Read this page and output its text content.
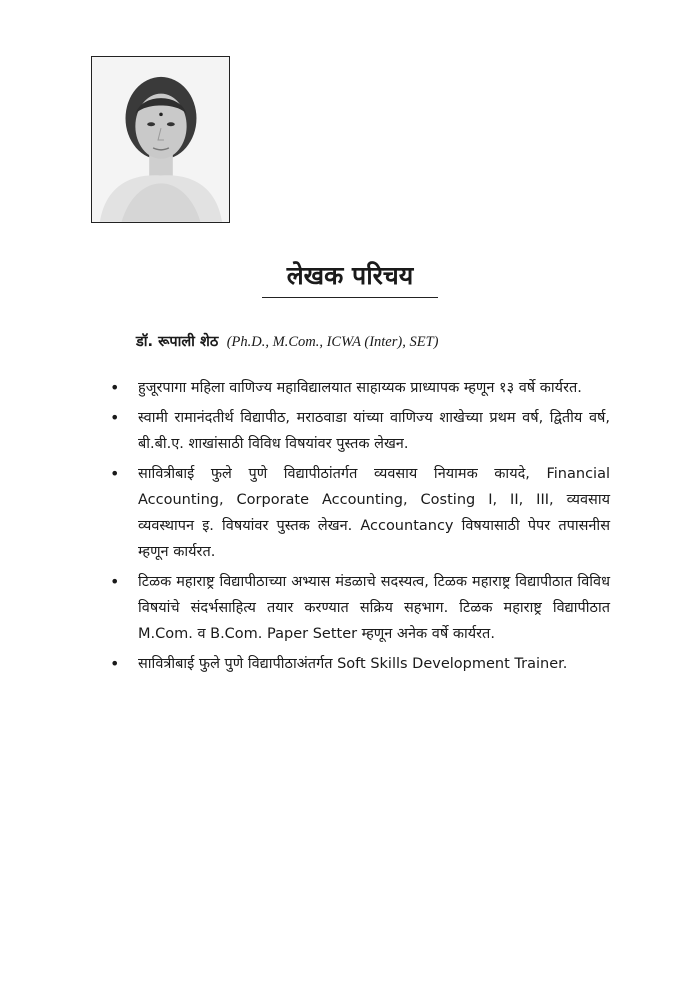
लेखक परिचय
डॉ. रूपाली शेठ (Ph.D., M.Com., ICWA (Inter), SET)
• हुजूरपागा महिला वाणिज्य महाविद्यालयात साहाय्यक प्राध्यापक म्हणून १३ वर्षे कार्यरत.
• स्वामी रामानंदतीर्थ विद्यापीठ, मराठवाडा यांच्या वाणिज्य शाखेच्या प्रथम वर्ष, द्वितीय वर्ष, बी.बी.ए. शाखांसाठी विविध विषयांवर पुस्तक लेखन.
• सावित्रीबाई फुले पुणे विद्यापीठांतर्गत व्यवसाय नियामक कायदे, Financial Accounting, Corporate Accounting, Costing I, II, III, व्यवसाय व्यवस्थापन इ. विषयांवर पुस्तक लेखन. Accountancy विषयासाठी पेपर तपासनीस म्हणून कार्यरत.
• टिळक महाराष्ट्र विद्यापीठाच्या अभ्यास मंडळाचे सदस्यत्व, टिळक महाराष्ट्र विद्यापीठात विविध विषयांचे संदर्भसाहित्य तयार करण्यात सक्रिय सहभाग. टिळक महाराष्ट्र विद्यापीठात M.Com. व B.Com. Paper Setter म्हणून अनेक वर्षे कार्यरत.
• सावित्रीबाई फुले पुणे विद्यापीठाअंतर्गत Soft Skills Development Trainer.
